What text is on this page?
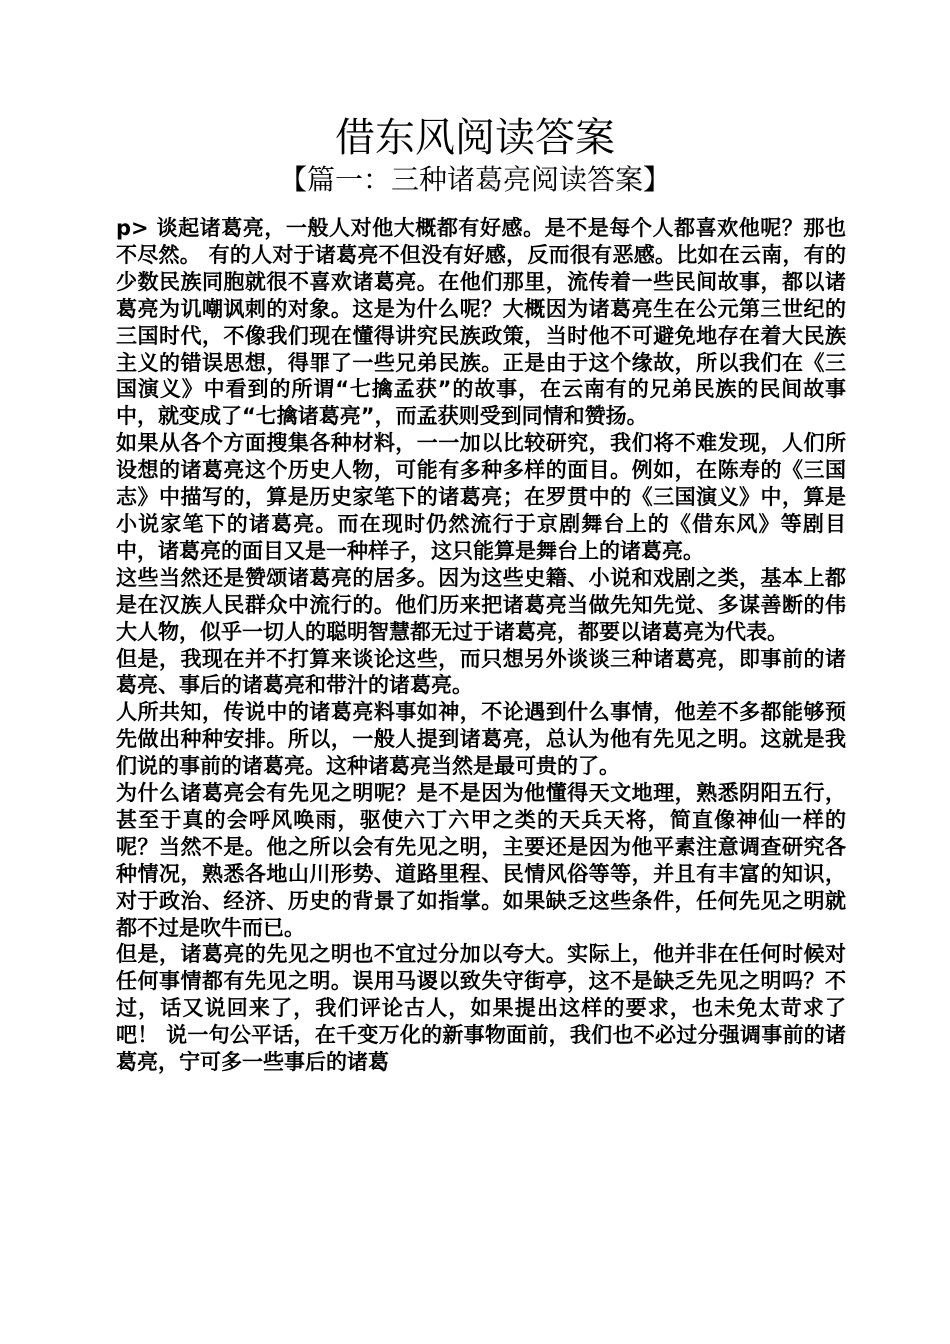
借东风阅读答案
【篇一：三种诸葛亮阅读答案】

p> 谈起诸葛亮，一般人对他大概都有好感。是不是每个人都喜欢他呢？那也不尽然。 有的人对于诸葛亮不但没有好感，反而很有恶感。比如在云南，有的少数民族同胞就很不喜欢诸葛亮。在他们那里，流传着一些民间故事，都以诸葛亮为讥嘲讽刺的对象。这是为什么呢？大概因为诸葛亮生在公元第三世纪的三国时代，不像我们现在懂得讲究民族政策，当时他不可避免地存在着大民族主义的错误思想，得罪了一些兄弟民族。正是由于这个缘故，所以我们在《三国演义》中看到的所谓“七擒孟获”的故事，在云南有的兄弟民族的民间故事中，就变成了“七擒诸葛亮”，而孟获则受到同情和赞扬。

如果从各个方面搜集各种材料，一一加以比较研究，我们将不难发现，人们所设想的诸葛亮这个历史人物，可能有多种多样的面目。例如，在陈寿的《三国志》中描写的，算是历史家笔下的诸葛亮；在罗贯中的《三国演义》中，算是小说家笔下的诸葛亮。而在现时仍然流行于京剧舞台上的《借东风》等剧目中，诸葛亮的面目又是一种样子，这只能算是舞台上的诸葛亮。

这些当然还是赞颂诸葛亮的居多。因为这些史籍、小说和戏剧之类，基本上都是在汉族人民群众中流行的。他们历来把诸葛亮当做先知先觉、多谋善断的伟大人物，似乎一切人的聪明智慧都无过于诸葛亮，都要以诸葛亮为代表。

但是，我现在并不打算来谈论这些，而只想另外谈谈三种诸葛亮，即事前的诸葛亮、事后的诸葛亮和带汁的诸葛亮。

人所共知，传说中的诸葛亮料事如神，不论遇到什么事情，他差不多都能够预先做出种种安排。所以，一般人提到诸葛亮，总认为他有先见之明。这就是我们说的事前的诸葛亮。这种诸葛亮当然是最可贵的了。

为什么诸葛亮会有先见之明呢？是不是因为他懂得天文地理，熟悉阴阳五行，甚至于真的会呼风唤雨，驱使六丁六甲之类的天兵天将，简直像神仙一样的呢？当然不是。他之所以会有先见之明，主要还是因为他平素注意调查研究各种情况，熟悉各地山川形势、道路里程、民情风俗等等，并且有丰富的知识，对于政治、经济、历史的背景了如指掌。如果缺乏这些条件，任何先见之明就都不过是吹牛而已。

但是，诸葛亮的先见之明也不宜过分加以夸大。实际上，他并非在任何时候对任何事情都有先见之明。误用马谡以致失守街亭，这不是缺乏先见之明吗？不过，话又说回来了，我们评论古人，如果提出这样的要求，也未免太苛求了吧！ 说一句公平话，在千变万化的新事物面前，我们也不必过分强调事前的诸葛亮，宁可多一些事后的诸葛
